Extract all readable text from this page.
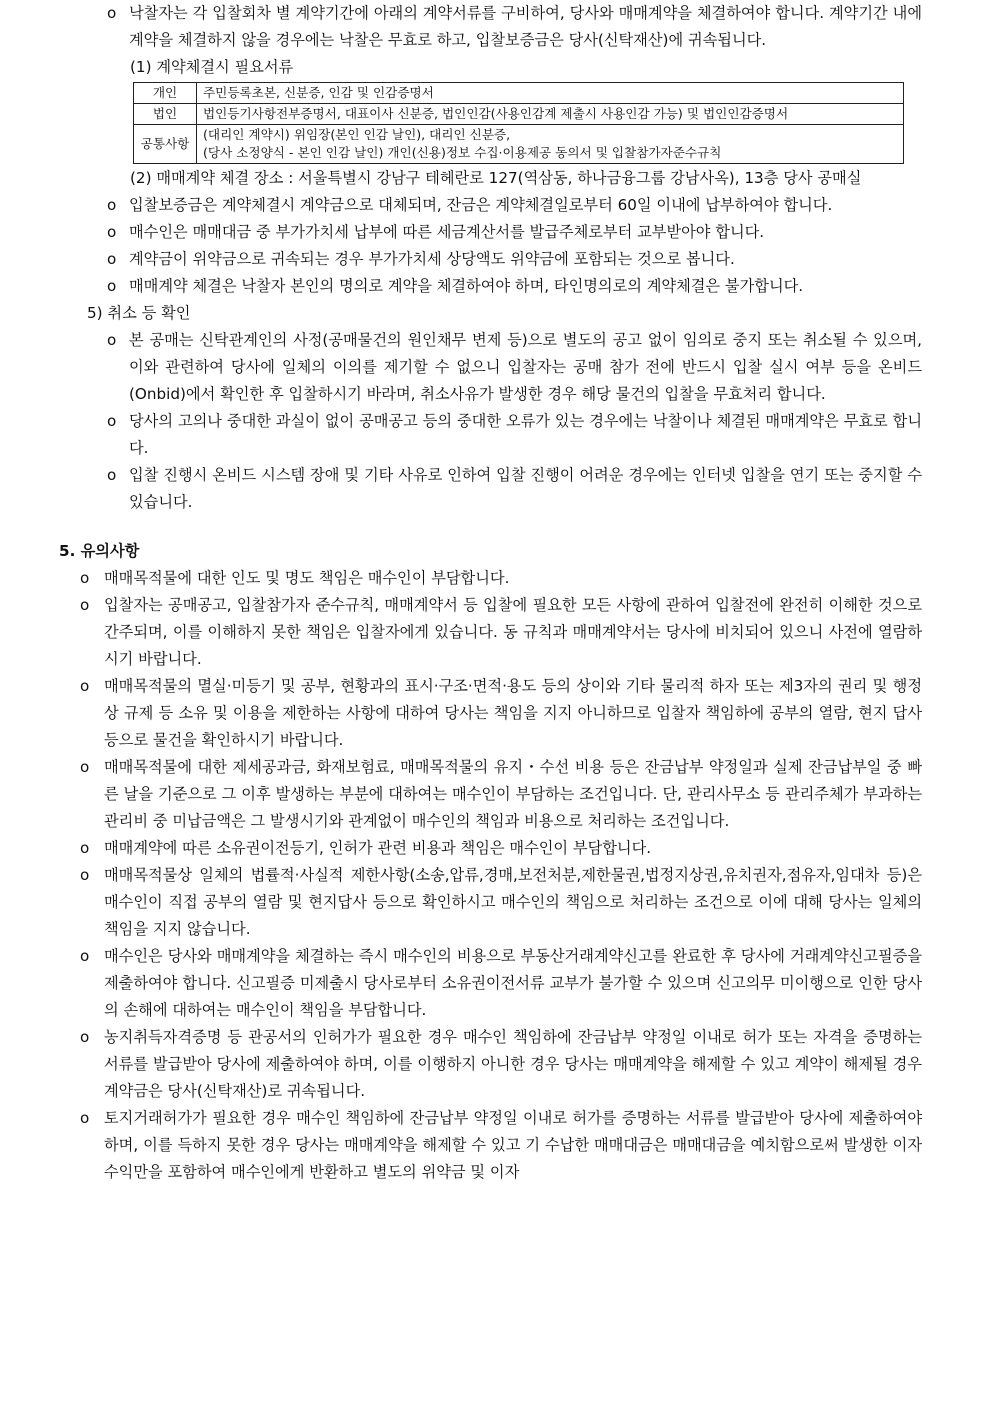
o 낙찰자는 각 입찰회차 별 계약기간에 아래의 계약서류를 구비하여, 당사와 매매계약을 체결하여야 합니다. 계약기간 내에 계약을 체결하지 않을 경우에는 낙찰은 무효로 하고, 입찰보증금은 당사(신탁재산)에 귀속됩니다.
(1) 계약체결시 필요서류
개인	주민등록초본, 신분증, 인감 및 인감증명서
법인	법인등기사항전부증명서, 대표이사 신분증, 법인인감(사용인감계 제출시 사용인감 가능) 및 법인인감증명서
공통사항	(대리인 계약시) 위임장(본인 인감 날인), 대리인 신분증,
(당사 소정양식 - 본인 인감 날인) 개인(신용)정보 수집·이용제공 동의서 및 입찰참가자준수규칙
(2) 매매계약 체결 장소 : 서울특별시 강남구 테헤란로 127(역삼동, 하나금융그룹 강남사옥), 13층 당사 공매실
o 입찰보증금은 계약체결시 계약금으로 대체되며, 잔금은 계약체결일로부터 60일 이내에 납부하여야 합니다.
o 매수인은 매매대금 중 부가가치세 납부에 따른 세금계산서를 발급주체로부터 교부받아야 합니다.
o 계약금이 위약금으로 귀속되는 경우 부가가치세 상당액도 위약금에 포함되는 것으로 봅니다.
o 매매계약 체결은 낙찰자 본인의 명의로 계약을 체결하여야 하며, 타인명의로의 계약체결은 불가합니다.
5) 취소 등 확인
o 본 공매는 신탁관계인의 사정(공매물건의 원인채무 변제 등)으로 별도의 공고 없이 임의로 중지 또는 취소될 수 있으며, 이와 관련하여 당사에 일체의 이의를 제기할 수 없으니 입찰자는 공매 참가 전에 반드시 입찰 실시 여부 등을 온비드(Onbid)에서 확인한 후 입찰하시기 바라며, 취소사유가 발생한 경우 해당 물건의 입찰을 무효처리 합니다.
o 당사의 고의나 중대한 과실이 없이 공매공고 등의 중대한 오류가 있는 경우에는 낙찰이나 체결된 매매계약은 무효로 합니다.
o 입찰 진행시 온비드 시스템 장애 및 기타 사유로 인하여 입찰 진행이 어려운 경우에는 인터넷 입찰을 연기 또는 중지할 수 있습니다.
5. 유의사항
o 매매목적물에 대한 인도 및 명도 책임은 매수인이 부담합니다.
o 입찰자는 공매공고, 입찰참가자 준수규칙, 매매계약서 등 입찰에 필요한 모든 사항에 관하여 입찰전에 완전히 이해한 것으로 간주되며, 이를 이해하지 못한 책임은 입찰자에게 있습니다. 동 규칙과 매매계약서는 당사에 비치되어 있으니 사전에 열람하시기 바랍니다.
o 매매목적물의 멸실·미등기 및 공부, 현황과의 표시·구조·면적·용도 등의 상이와 기타 물리적 하자 또는 제3자의 권리 및 행정상 규제 등 소유 및 이용을 제한하는 사항에 대하여 당사는 책임을 지지 아니하므로 입찰자 책임하에 공부의 열람, 현지 답사 등으로 물건을 확인하시기 바랍니다.
o 매매목적물에 대한 제세공과금, 화재보험료, 매매목적물의 유지・수선 비용 등은 잔금납부 약정일과 실제 잔금납부일 중 빠른 날을 기준으로 그 이후 발생하는 부분에 대하여는 매수인이 부담하는 조건입니다. 단, 관리사무소 등 관리주체가 부과하는 관리비 중 미납금액은 그 발생시기와 관계없이 매수인의 책임과 비용으로 처리하는 조건입니다.
o 매매계약에 따른 소유권이전등기, 인허가 관련 비용과 책임은 매수인이 부담합니다.
o 매매목적물상 일체의 법률적·사실적 제한사항(소송,압류,경매,보전처분,제한물권,법정지상권,유치권자,점유자,임대차 등)은 매수인이 직접 공부의 열람 및 현지답사 등으로 확인하시고 매수인의 책임으로 처리하는 조건으로 이에 대해 당사는 일체의 책임을 지지 않습니다.
o 매수인은 당사와 매매계약을 체결하는 즉시 매수인의 비용으로 부동산거래계약신고를 완료한 후 당사에 거래계약신고필증을 제출하여야 합니다. 신고필증 미제출시 당사로부터 소유권이전서류 교부가 불가할 수 있으며 신고의무 미이행으로 인한 당사의 손해에 대하여는 매수인이 책임을 부담합니다.
o 농지취득자격증명 등 관공서의 인허가가 필요한 경우 매수인 책임하에 잔금납부 약정일 이내로 허가 또는 자격을 증명하는 서류를 발급받아 당사에 제출하여야 하며, 이를 이행하지 아니한 경우 당사는 매매계약을 해제할 수 있고 계약이 해제될 경우 계약금은 당사(신탁재산)로 귀속됩니다.
o 토지거래허가가 필요한 경우 매수인 책임하에 잔금납부 약정일 이내로 허가를 증명하는 서류를 발급받아 당사에 제출하여야 하며, 이를 득하지 못한 경우 당사는 매매계약을 해제할 수 있고 기 수납한 매매대금은 매매대금을 예치함으로써 발생한 이자수익만을 포함하여 매수인에게 반환하고 별도의 위약금 및 이자
